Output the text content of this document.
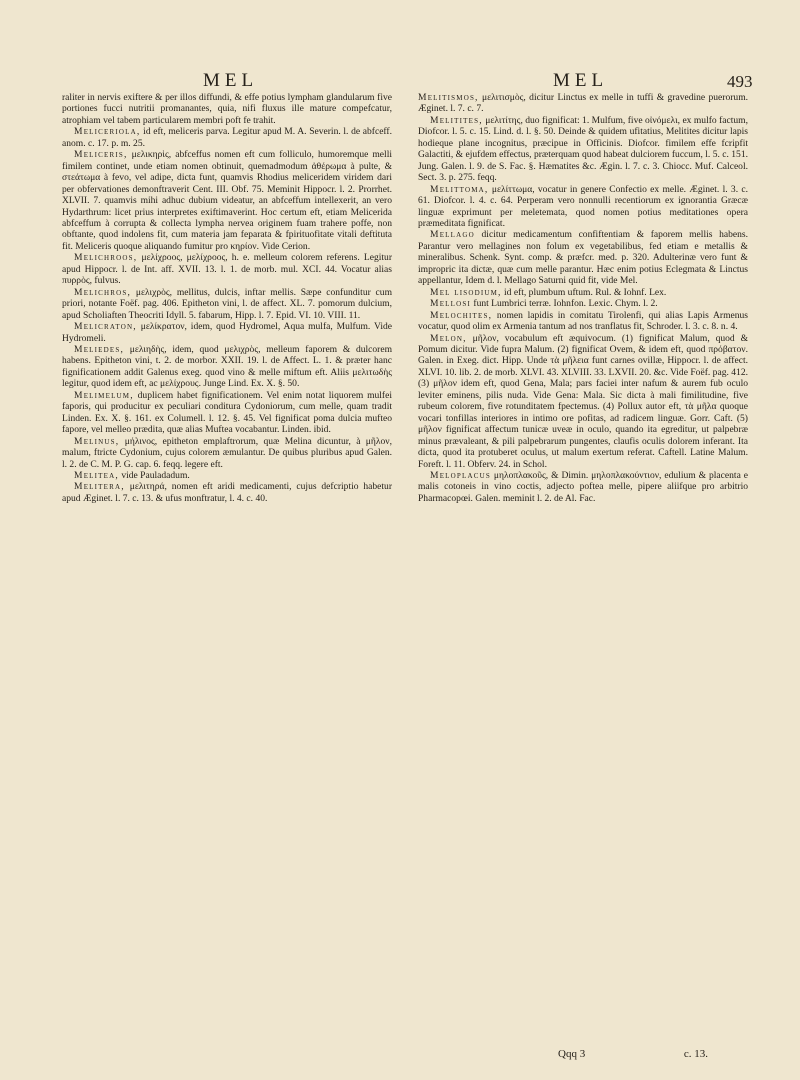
MEL	MEL	493

raliter in nervis exiftere & per illos diffundi, & effe potius lympham glandularum five portiones fucci nutritii promanantes, quia, nifi fluxus ille mature compefcatur, atrophiam vel tabem particularem membri poft fe trahit.

Meliceriola, id eft, meliceris parva. Legitur apud M. A. Severin. l. de abfceff. anom. c. 17. p. m. 25.

Meliceris, μελικηρὶς, abfceffus nomen eft cum folliculo, humoremque melli fimilem continet, unde etiam nomen obtinuit, quemadmodum ἀθέρωμα à pulte, & στεάτωμα à fevo, vel adipe, dicta funt, quamvis Rhodius meliceridem viridem dari per obfervationes demonftraverit Cent. III. Obf. 75. Meminit Hippocr. l. 2. Prorrhet. XLVII. 7. quamvis mihi adhuc dubium videatur, an abfceffum intellexerit, an vero Hydarthrum: licet prius interpretes exiftimaverint. Hoc certum eft, etiam Melicerida abfceffum à corrupta & collecta lympha nervea originem fuam trahere poffe, non obftante, quod indolens fit, cum materia jam feparata & fpirituofitate vitali deftituta fit. Meliceris quoque aliquando fumitur pro κηρίον. Vide Cerion.

Melichroos, μελίχροος, μελίχροος, h. e. melleum colorem referens. Legitur apud Hippocr. l. de Int. aff. XVII. 13. l. 1. de morb. mul. XCI. 44. Vocatur alias πυρρὸς, fulvus.

Melichros, μελιχρὸς, mellitus, dulcis, inftar mellis. Sæpe confunditur cum priori, notante Foëf. pag. 406. Epitheton vini, l. de affect. XL. 7. pomorum dulcium, apud Scholiaften Theocriti Idyll. 5. fabarum, Hipp. l. 7. Epid. VI. 10. VIII. 11.

Melicraton, μελίκρατον, idem, quod Hydromel, Aqua mulfa, Mulfum. Vide Hydromeli.

Meliedes, μελιηδὴς, idem, quod μελιχρὸς, melleum faporem & dulcorem habens. Epitheton vini, t. 2. de morbor. XXII. 19. l. de Affect. L. 1. & præter hanc fignificationem addit Galenus exeg. quod vino & melle miftum eft. Aliis μελιτωδὴς legitur, quod idem eft, ac μελίχρους. Junge Lind. Ex. X. §. 50.

Melimelum, duplicem habet fignificationem. Vel enim notat liquorem mulfei faporis, qui producitur ex peculiari conditura Cydoniorum, cum melle, quam tradit Linden. Ex. X. §. 161. ex Columell. l. 12. §. 45. Vel fignificat poma dulcia mufteo fapore, vel melleo prædita, quæ alias Muftea vocabantur. Linden. ibid.

Melinus, μήλινος, epitheton emplaftrorum, quæ Melina dicuntur, à μῆλον, malum, ftricte Cydonium, cujus colorem æmulantur. De quibus pluribus apud Galen. l. 2. de C. M. P. G. cap. 6. feqq. legere eft.

Melitea, vide Pauladadum.

Melitera, μελιτηρά, nomen eft aridi medicamenti, cujus defcriptio habetur apud Æginet. l. 7. c. 13. & ufus monftratur, l. 4. c. 40.

Melitismos, μελιτισμὸς, dicitur Linctus ex melle in tuffi & gravedine puerorum. Æginet. l. 7. c. 7.

Melitites, μελιτίτης, duo fignificat: 1. Mulfum, five οἰνόμελι, ex mulfo factum, Diofcor. l. 5. c. 15. Lind. d. l. §. 50. Deinde & quidem ufitatius, Melitites dicitur lapis hodieque plane incognitus, præcipue in Officinis. Diofcor. fimilem effe fcripfit Galactiti, & ejufdem effectus, præterquam quod habeat dulciorem fuccum, l. 5. c. 151. Jung. Galen. l. 9. de S. Fac. §. Hæmatites &c. Ægin. l. 7. c. 3. Chiocc. Muf. Calceol. Sect. 3. p. 275. feqq.

Melittoma, μελίττωμα, vocatur in genere Confectio ex melle. Æginet. l. 3. c. 61. Diofcor. l. 4. c. 64. Perperam vero nonnulli recentiorum ex ignorantia Græcæ linguæ exprimunt per meletemata, quod nomen potius meditationes opera præmeditata fignificat.

Mellago dicitur medicamentum confiftentiam & faporem mellis habens. Parantur vero mellagines non folum ex vegetabilibus, fed etiam e metallis & mineralibus. Schenk. Synt. comp. & præfcr. med. p. 320. Adulterinæ vero funt & impropric ita dictæ, quæ cum melle parantur. Hæc enim potius Eclegmata & Linctus appellantur, Idem d. l. Mellago Saturni quid fit, vide Mel.

Mel lisodium, id eft, plumbum uftum. Rul. & Iohnf. Lex.

Mellosi funt Lumbrici terræ. Iohnfon. Lexic. Chym. l. 2.

Melochites, nomen lapidis in comitatu Tirolenfi, qui alias Lapis Armenus vocatur, quod olim ex Armenia tantum ad nos tranflatus fit, Schroder. l. 3. c. 8. n. 4.

Melon, μῆλον, vocabulum eft æquivocum. (1) fignificat Malum, quod & Pomum dicitur. Vide fupra Malum. (2) fignificat Ovem, & idem eft, quod πρόβατον. Galen. in Exeg. dict. Hipp. Unde τὰ μῆλεια funt carnes ovillæ, Hippocr. l. de affect. XLVI. 10. lib. 2. de morb. XLVI. 43. XLVIII. 33. LXVII. 20. &c. Vide Foëf. pag. 412. (3) μῆλον idem eft, quod Gena, Mala; pars faciei inter nafum & aurem fub oculo leviter eminens, pilis nuda. Vide Gena: Mala. Sic dicta à mali fimilitudine, five rubeum colorem, five rotunditatem fpectemus. (4) Pollux autor eft, τὰ μῆλα quoque vocari tonfillas interiores in intimo ore pofitas, ad radicem linguæ. Gorr. Caft. (5) μῆλον fignificat affectum tunicæ uveæ in oculo, quando ita egreditur, ut palpebræ minus prævaleant, & pili palpebrarum pungentes, claufis oculis dolorem inferant. Ita dicta, quod ita protuberet oculus, ut malum exertum referat. Caftell. Latine Malum. Foreft. l. 11. Obferv. 24. in Schol.

Meloplacus μηλοπλακοῦς, & Dimin. μηλοπλακούντιον, edulium & placenta e malis cotoneis in vino coctis, adjecto poftea melle, pipere aliifque pro arbitrio Pharmacopœi. Galen. meminit l. 2. de Al. Fac.

Qqq 3	c. 13.
